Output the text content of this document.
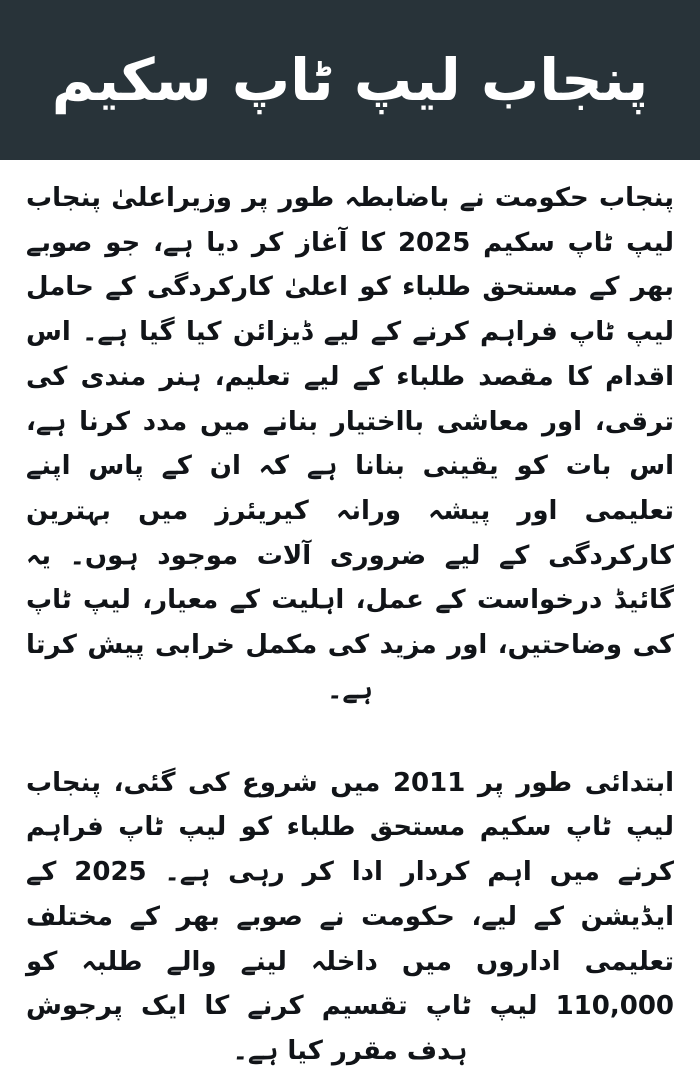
پنجاب لیپ ٹاپ سکیم

پنجاب حکومت نے باضابطہ طور پر وزیراعلیٰ پنجاب لیپ ٹاپ سکیم 2025 کا آغاز کر دیا ہے، جو صوبے بھر کے مستحق طلباء کو اعلیٰ کارکردگی کے حامل لیپ ٹاپ فراہم کرنے کے لیے ڈیزائن کیا گیا ہے۔ اس اقدام کا مقصد طلباء کے لیے تعلیم، ہنر مندی کی ترقی، اور معاشی بااختیار بنانے میں مدد کرنا ہے، اس بات کو یقینی بنانا ہے کہ ان کے پاس اپنے تعلیمی اور پیشہ ورانہ کیریئرز میں بہترین کارکردگی کے لیے ضروری آلات موجود ہوں۔ یہ گائیڈ درخواست کے عمل، اہلیت کے معیار، لیپ ٹاپ کی وضاحتیں، اور مزید کی مکمل خرابی پیش کرتا ہے۔

ابتدائی طور پر 2011 میں شروع کی گئی، پنجاب لیپ ٹاپ سکیم مستحق طلباء کو لیپ ٹاپ فراہم کرنے میں اہم کردار ادا کر رہی ہے۔ 2025 کے ایڈیشن کے لیے، حکومت نے صوبے بھر کے مختلف تعلیمی اداروں میں داخلہ لینے والے طلبہ کو 110,000 لیپ ٹاپ تقسیم کرنے کا ایک پرجوش ہدف مقرر کیا ہے۔
